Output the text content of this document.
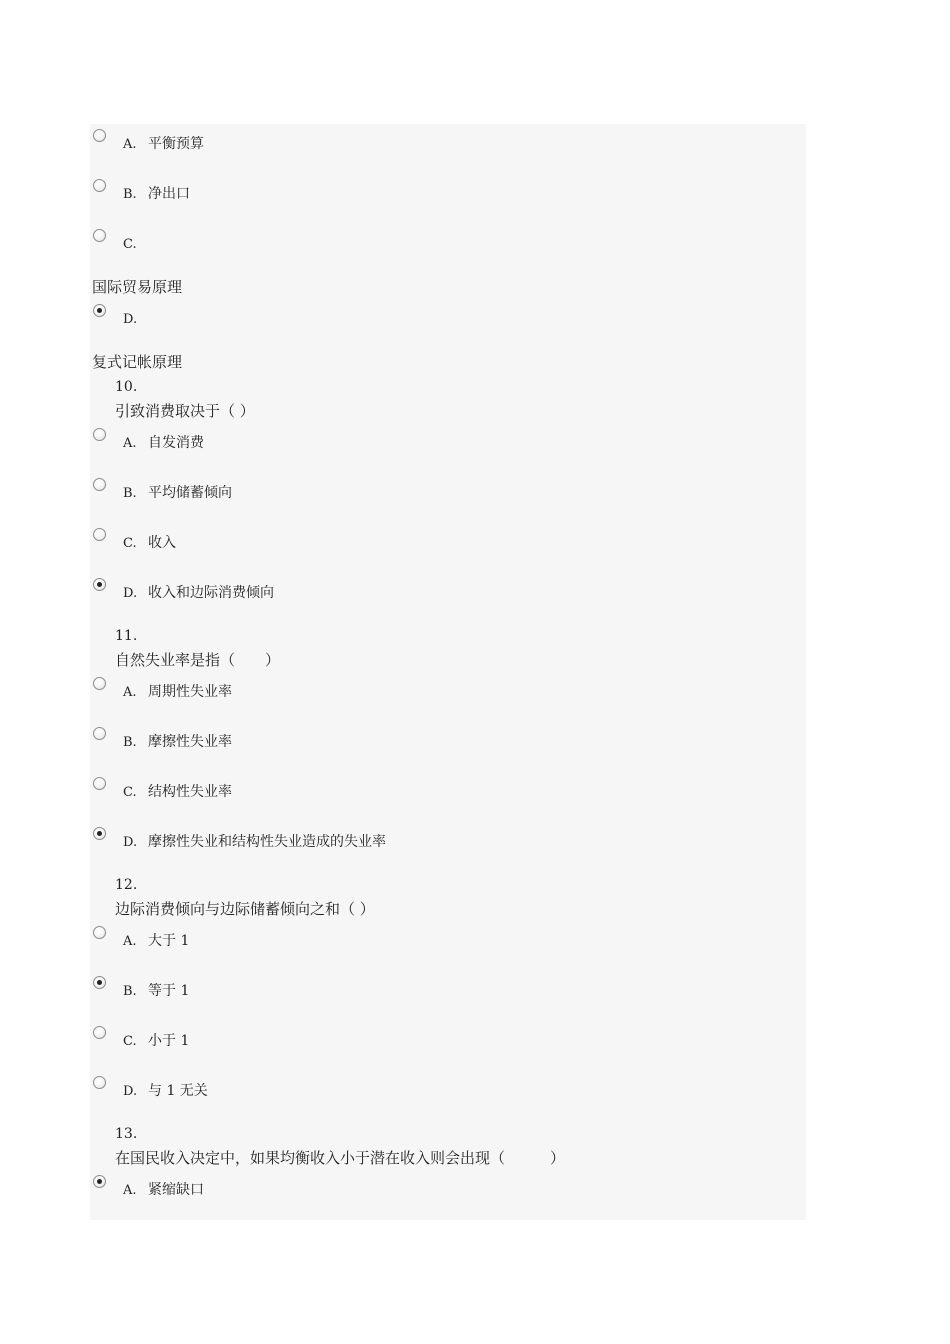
A. 平衡预算
B. 净出口
C.
国际贸易原理
D.
复式记帐原理
10.
引致消费取决于（ ）
A. 自发消费
B. 平均储蓄倾向
C. 收入
D. 收入和边际消费倾向
11.
自然失业率是指（　　）
A. 周期性失业率
B. 摩擦性失业率
C. 结构性失业率
D. 摩擦性失业和结构性失业造成的失业率
12.
边际消费倾向与边际储蓄倾向之和（ ）
A. 大于 1
B. 等于 1
C. 小于 1
D. 与 1 无关
13.
在国民收入决定中，如果均衡收入小于潜在收入则会出现（　　　）
A. 紧缩缺口
